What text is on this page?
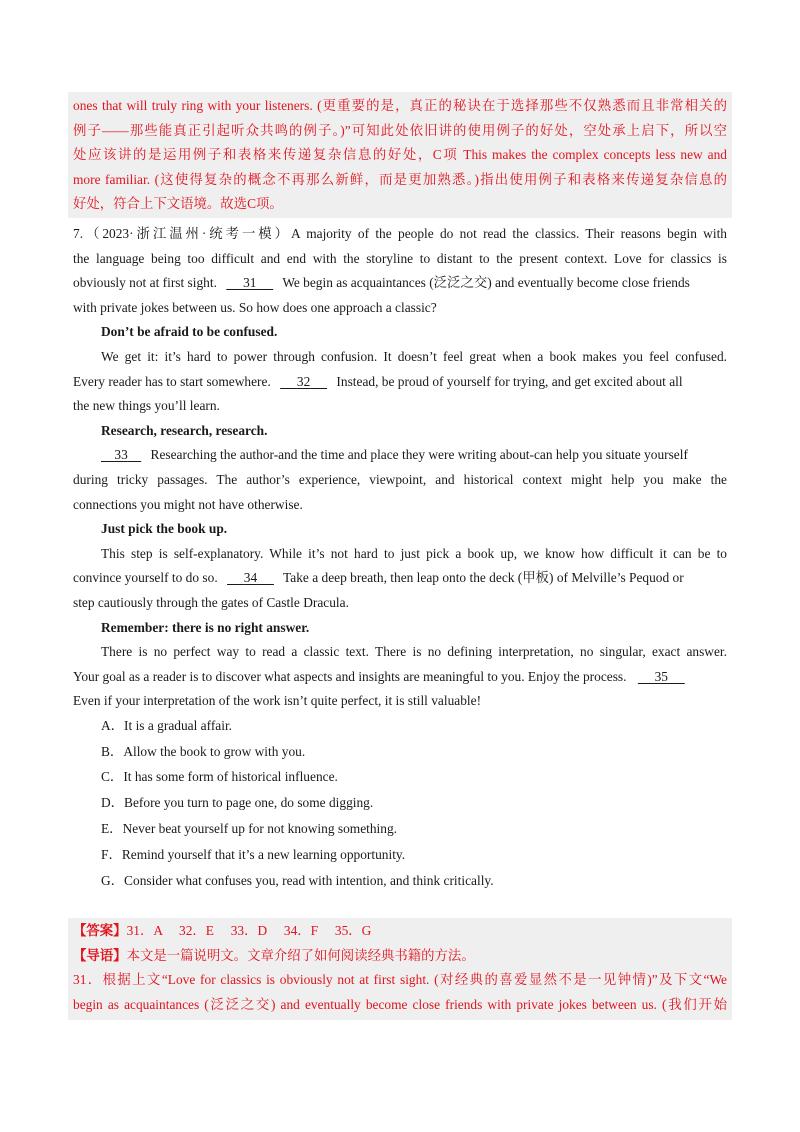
ones that will truly ring with your listeners. (更重要的是，真正的秘诀在于选择那些不仅熟悉而且非常相关的
例子——那些能真正引起听众共鸣的例子。)”可知此处依旧讲的使用例子的好处，空处承上启下，所以空
处应该讲的是运用例子和表格来传递复杂信息的好处，C项 This makes the complex concepts less new and
more familiar. (这使得复杂的概念不再那么新鲜，而是更加熟悉。)指出使用例子和表格来传递复杂信息的
好处，符合上下文语境。故选C项。
7.（2023·浙江温州·统考一模）A majority of the people do not read the classics. Their reasons begin with
the language being too difficult and end with the storyline to distant to the present context. Love for classics is
obviously not at first sight. 31 We begin as acquaintances (泛泛之交) and eventually become close friends
with private jokes between us. So how does one approach a classic?
Don’t be afraid to be confused.
We get it: it’s hard to power through confusion. It doesn’t feel great when a book makes you feel confused.
Every reader has to start somewhere. 32 Instead, be proud of yourself for trying, and get excited about all
the new things you’ll learn.
Research, research, research.
33 Researching the author-and the time and place they were writing about-can help you situate yourself
during tricky passages. The author’s experience, viewpoint, and historical context might help you make the
connections you might not have otherwise.
Just pick the book up.
This step is self-explanatory. While it’s not hard to just pick a book up, we know how difficult it can be to
convince yourself to do so. 34 Take a deep breath, then leap onto the deck (甲板) of Melville’s Pequod or
step cautiously through the gates of Castle Dracula.
Remember: there is no right answer.
There is no perfect way to read a classic text. There is no defining interpretation, no singular, exact answer.
Your goal as a reader is to discover what aspects and insights are meaningful to you. Enjoy the process. 35
Even if your interpretation of the work isn’t quite perfect, it is still valuable!
A．It is a gradual affair.
B．Allow the book to grow with you.
C．It has some form of historical influence.
D．Before you turn to page one, do some digging.
E．Never beat yourself up for not knowing something.
F．Remind yourself that it’s a new learning opportunity.
G．Consider what confuses you, read with intention, and think critically.
【答案】31．A　 32．E　 33．D　 34．F　 35．G
【导语】本文是一篇说明文。文章介绍了如何阅读经典书籍的方法。
31．根据上文“Love for classics is obviously not at first sight. (对经典的喜爱显然不是一见钟情)”及下文“We
begin as acquaintances (泛泛之交) and eventually become close friends with private jokes between us. (我们开始
